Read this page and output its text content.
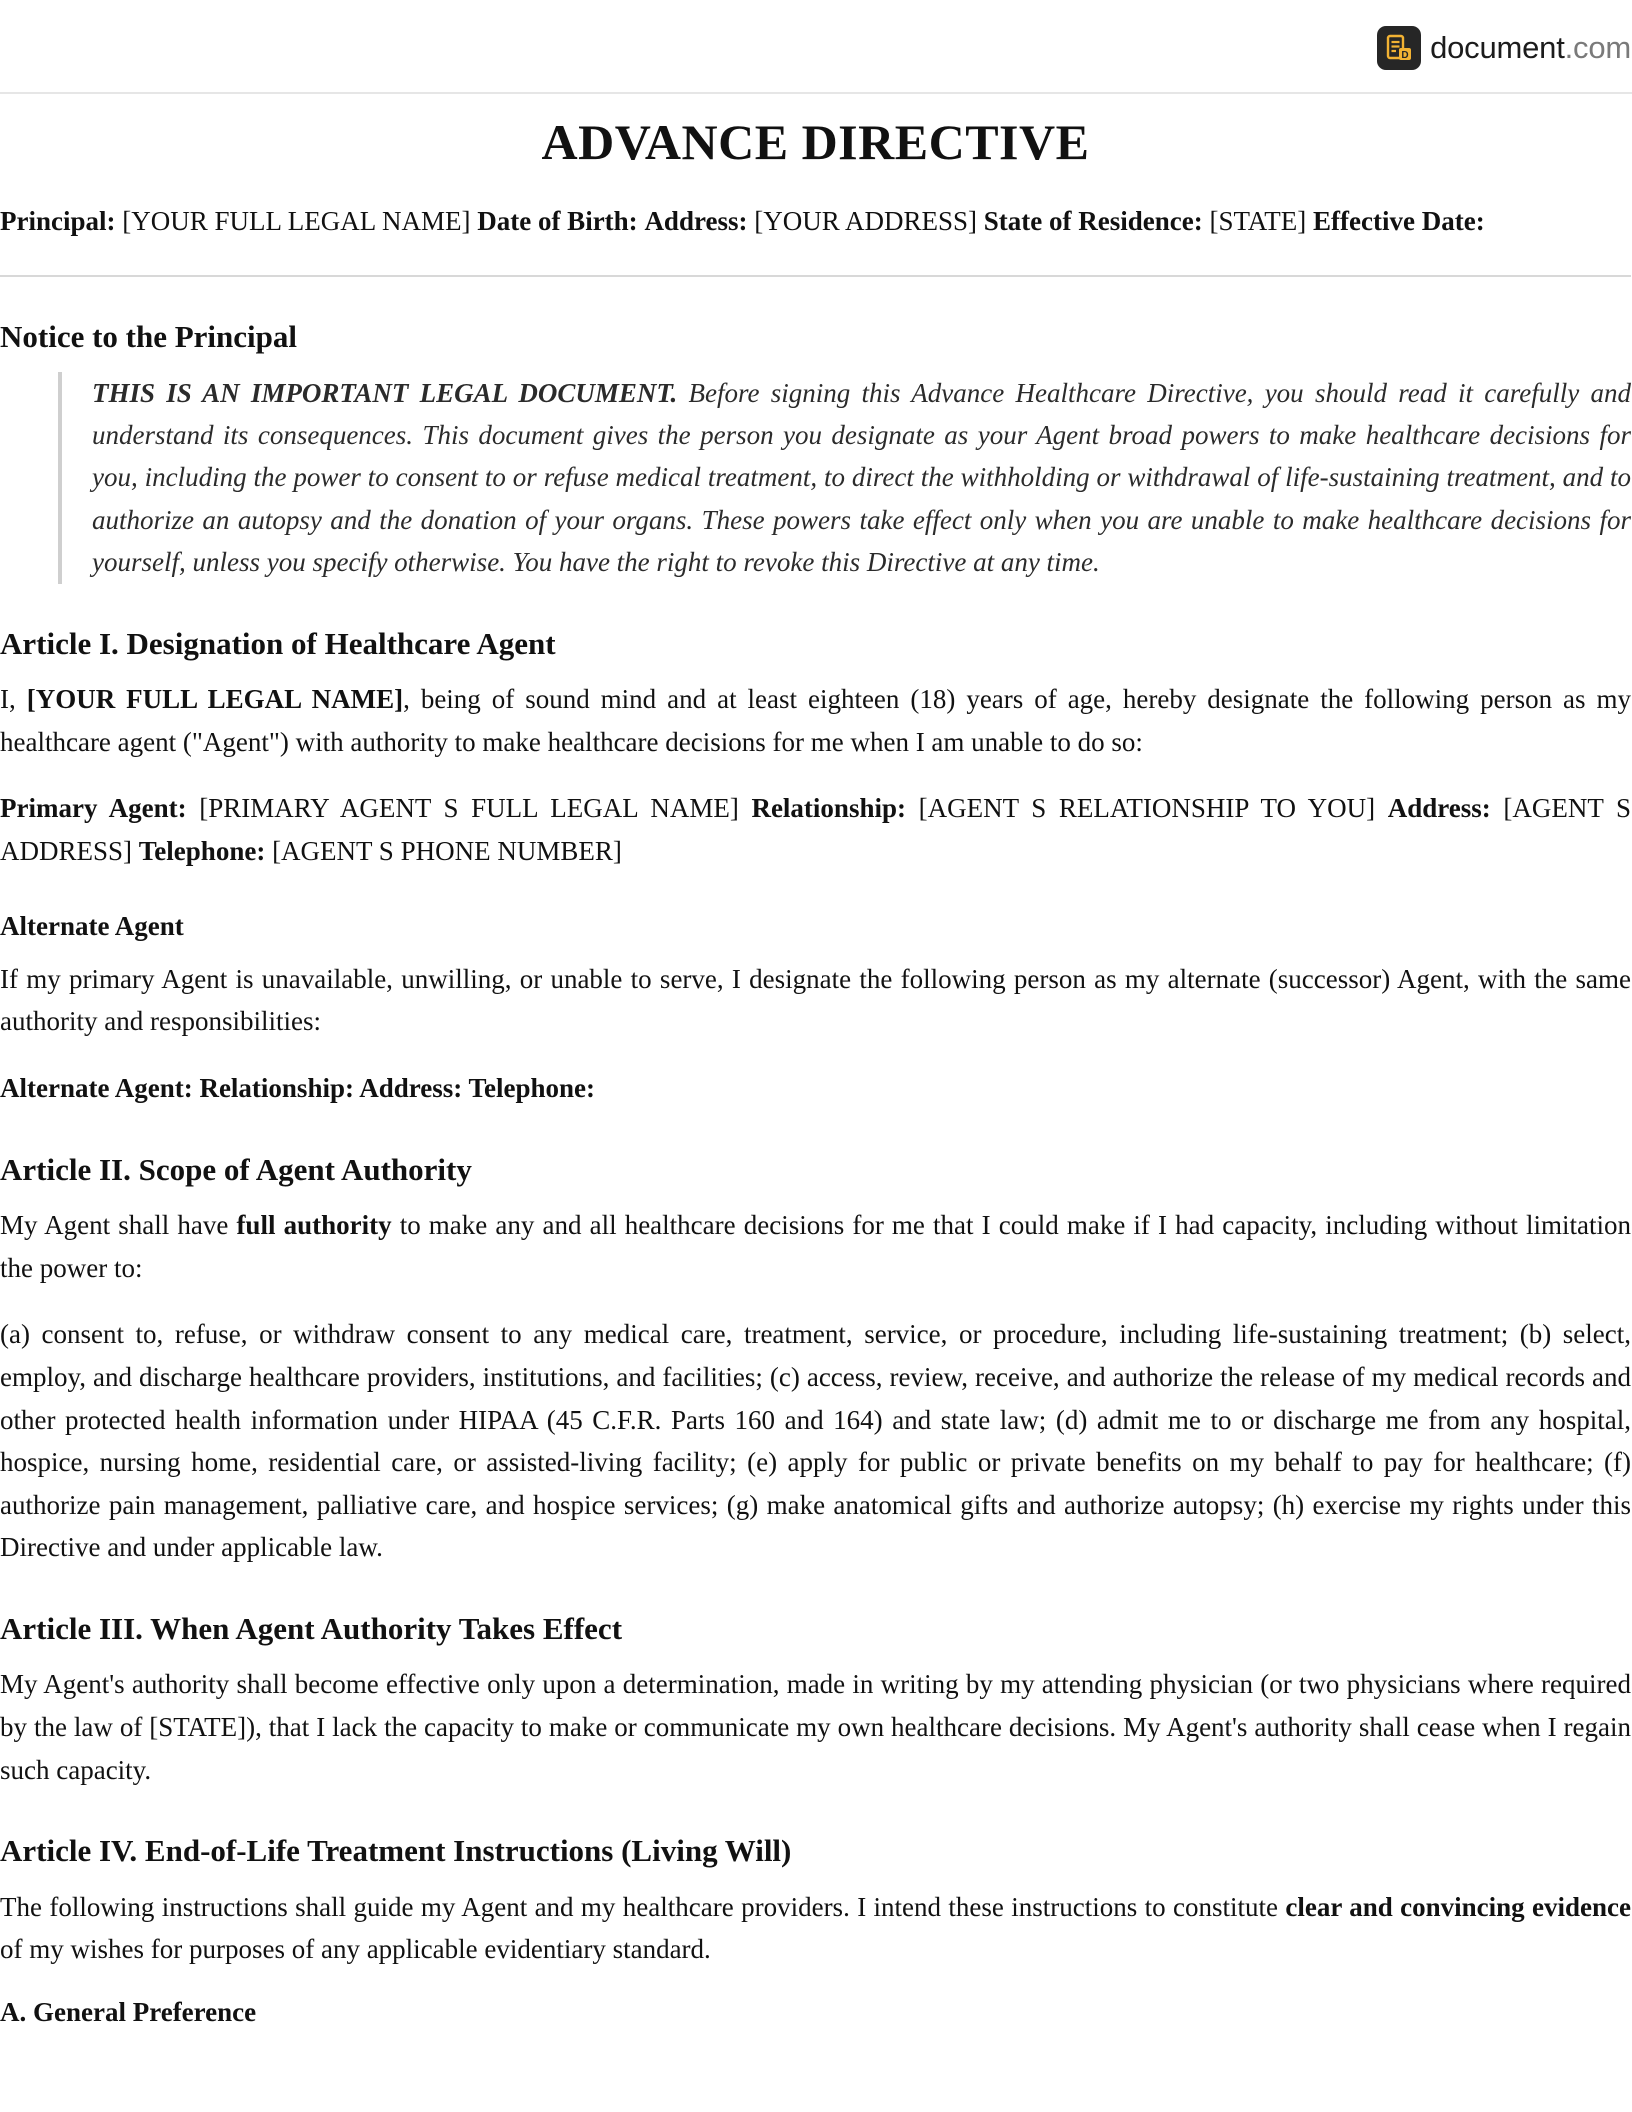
D document.com
ADVANCE DIRECTIVE

Principal: [YOUR FULL LEGAL NAME] Date of Birth: Address: [YOUR ADDRESS] State of Residence: [STATE] Effective Date:

Notice to the Principal

THIS IS AN IMPORTANT LEGAL DOCUMENT. Before signing this Advance Healthcare Directive, you should read it carefully and understand its consequences. This document gives the person you designate as your Agent broad powers to make healthcare decisions for you, including the power to consent to or refuse medical treatment, to direct the withholding or withdrawal of life-sustaining treatment, and to authorize an autopsy and the donation of your organs. These powers take effect only when you are unable to make healthcare decisions for yourself, unless you specify otherwise. You have the right to revoke this Directive at any time.

Article I. Designation of Healthcare Agent

I, [YOUR FULL LEGAL NAME], being of sound mind and at least eighteen (18) years of age, hereby designate the following person as my healthcare agent ("Agent") with authority to make healthcare decisions for me when I am unable to do so:

Primary Agent: [PRIMARY AGENT S FULL LEGAL NAME] Relationship: [AGENT S RELATIONSHIP TO YOU] Address: [AGENT S ADDRESS] Telephone: [AGENT S PHONE NUMBER]

Alternate Agent

If my primary Agent is unavailable, unwilling, or unable to serve, I designate the following person as my alternate (successor) Agent, with the same authority and responsibilities:

Alternate Agent: Relationship: Address: Telephone:

Article II. Scope of Agent Authority

My Agent shall have full authority to make any and all healthcare decisions for me that I could make if I had capacity, including without limitation the power to:

(a) consent to, refuse, or withdraw consent to any medical care, treatment, service, or procedure, including life-sustaining treatment; (b) select, employ, and discharge healthcare providers, institutions, and facilities; (c) access, review, receive, and authorize the release of my medical records and other protected health information under HIPAA (45 C.F.R. Parts 160 and 164) and state law; (d) admit me to or discharge me from any hospital, hospice, nursing home, residential care, or assisted-living facility; (e) apply for public or private benefits on my behalf to pay for healthcare; (f) authorize pain management, palliative care, and hospice services; (g) make anatomical gifts and authorize autopsy; (h) exercise my rights under this Directive and under applicable law.

Article III. When Agent Authority Takes Effect

My Agent's authority shall become effective only upon a determination, made in writing by my attending physician (or two physicians where required by the law of [STATE]), that I lack the capacity to make or communicate my own healthcare decisions. My Agent's authority shall cease when I regain such capacity.

Article IV. End-of-Life Treatment Instructions (Living Will)

The following instructions shall guide my Agent and my healthcare providers. I intend these instructions to constitute clear and convincing evidence of my wishes for purposes of any applicable evidentiary standard.

A. General Preference
